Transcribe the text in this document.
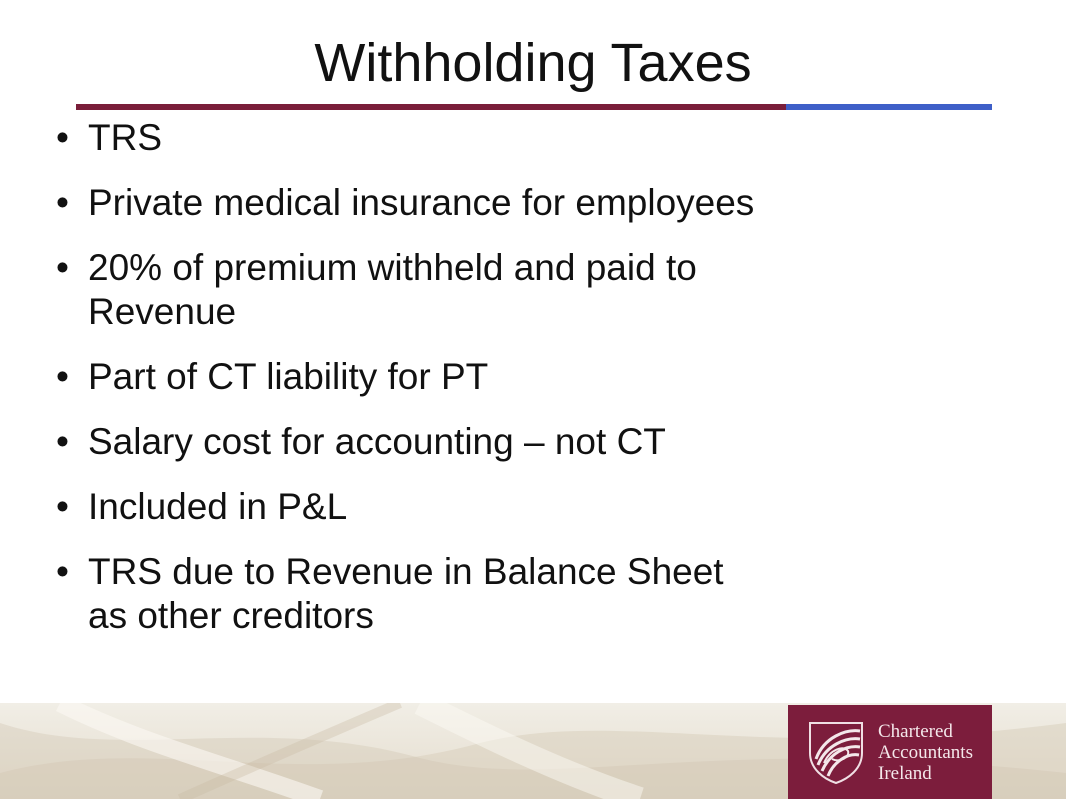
Withholding Taxes
• TRS
• Private medical insurance for employees
• 20% of premium withheld and paid to
Revenue
• Part of CT liability for PT
• Salary cost for accounting – not CT
• Included in P&L
• TRS due to Revenue in Balance Sheet
as other creditors
Chartered
Accountants
Ireland
